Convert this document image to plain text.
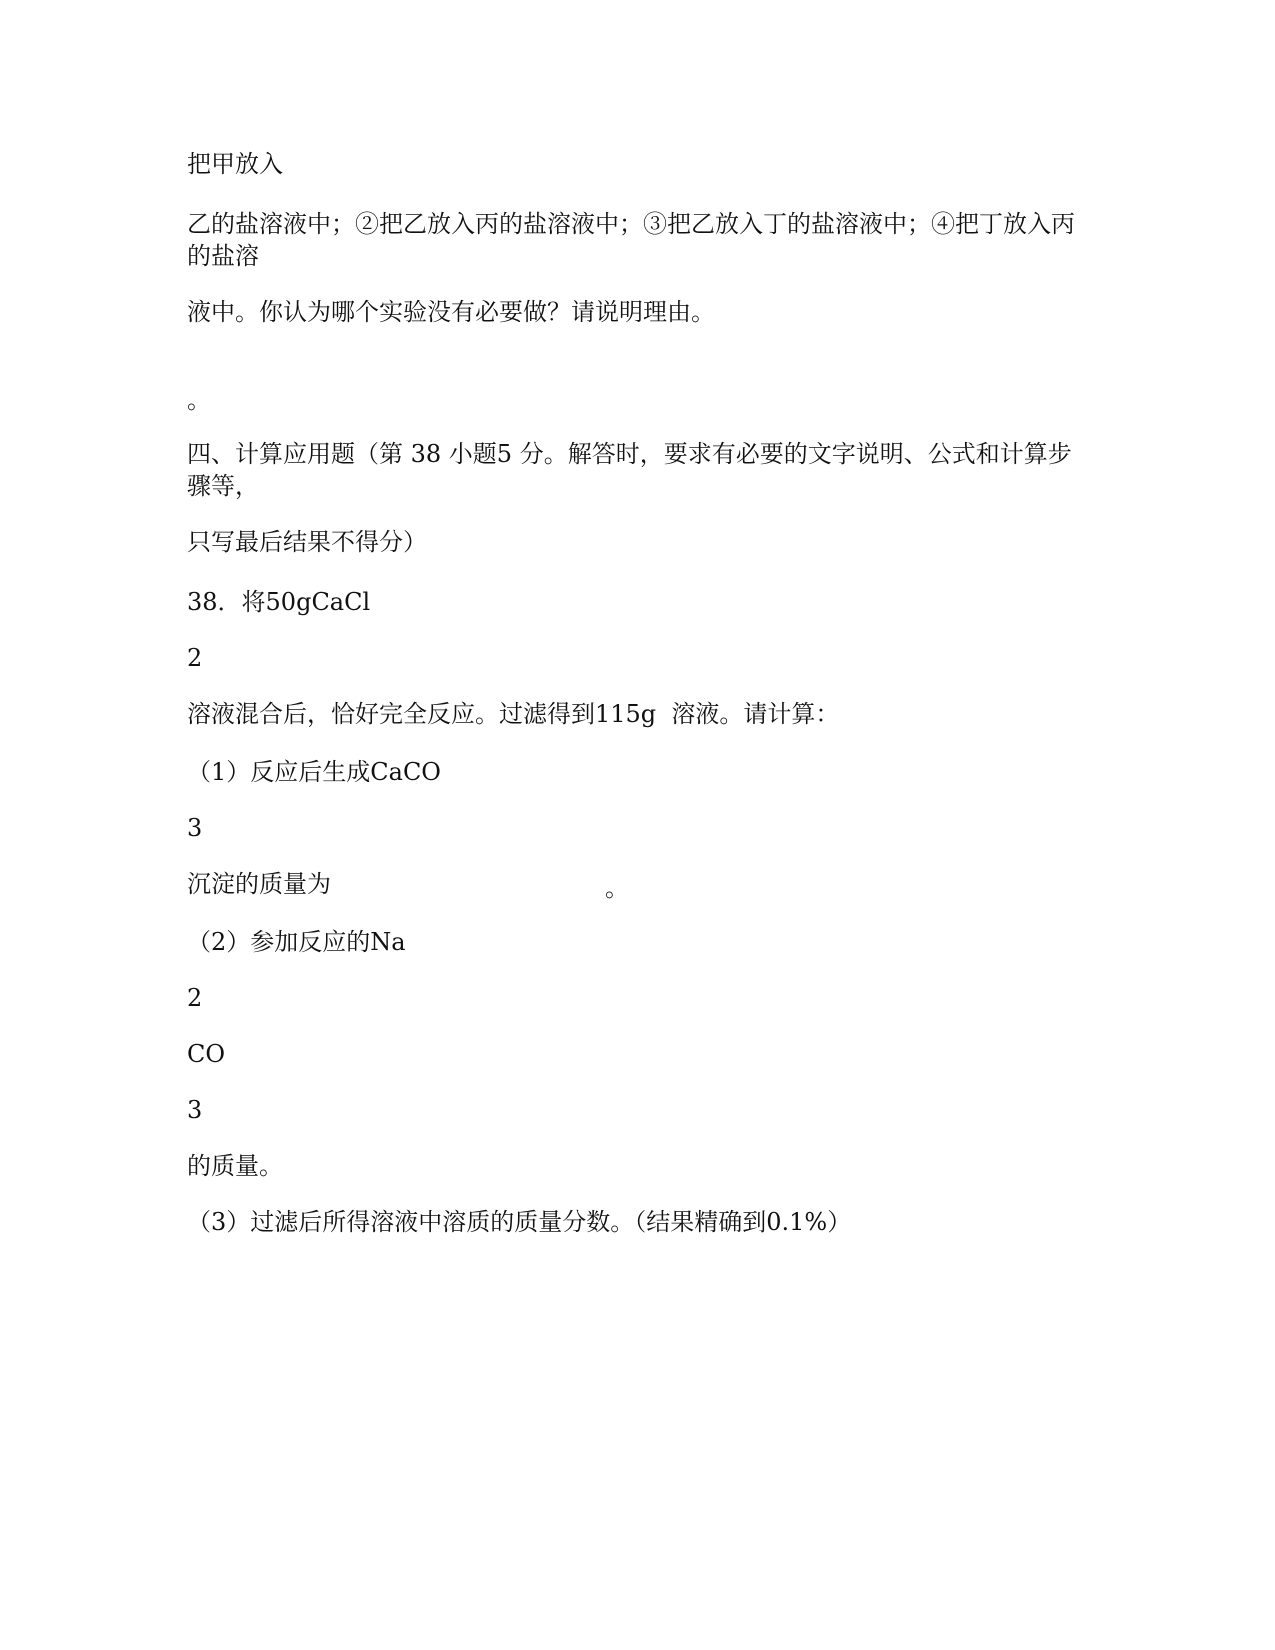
把甲放入
乙的盐溶液中；②把乙放入丙的盐溶液中；③把乙放入丁的盐溶液中；④把丁放入丙的盐溶
液中。你认为哪个实验没有必要做？请说明理由。
。
四、计算应用题（第 38 小题5 分。解答时，要求有必要的文字说明、公式和计算步骤等，
只写最后结果不得分）
38．将50gCaCl
2
溶液混合后，恰好完全反应。过滤得到115g  溶液。请计算：
（1）反应后生成CaCO
3
沉淀的质量为	。
（2）参加反应的Na
2
CO
3
的质量。
（3）过滤后所得溶液中溶质的质量分数。（结果精确到0.1%）
